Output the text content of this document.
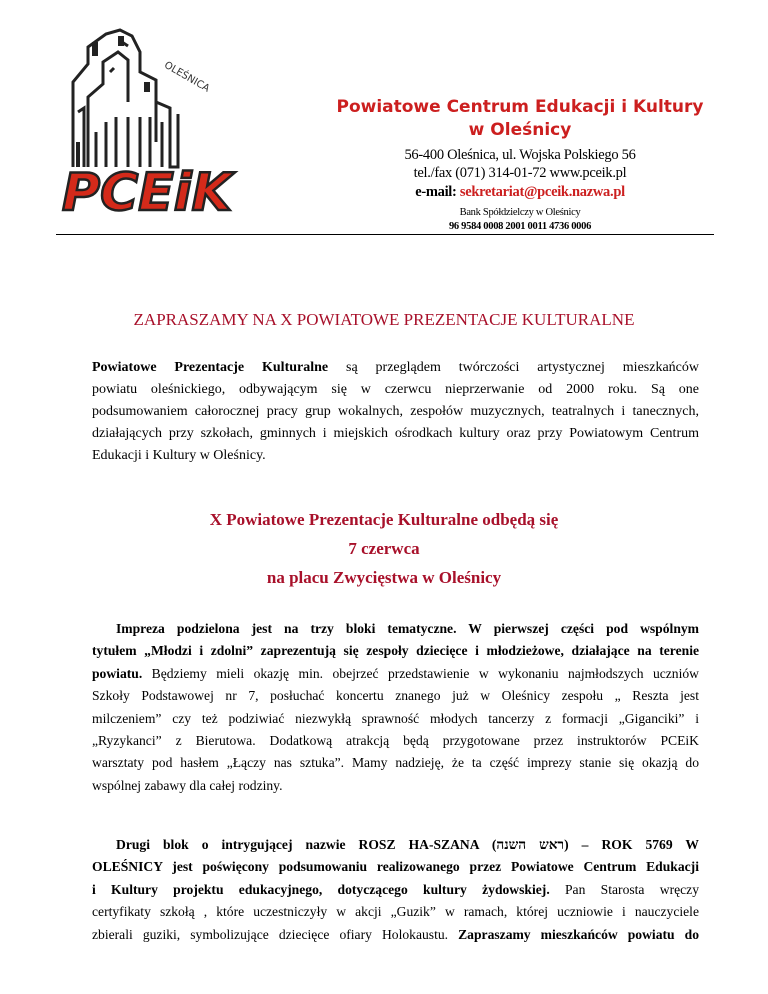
OLEŚNICA
PCEiK
Powiatowe Centrum Edukacji i Kultury
w Oleśnicy
56-400 Oleśnica, ul. Wojska Polskiego 56
tel./fax (071) 314-01-72 www.pceik.pl
e-mail: sekretariat@pceik.nazwa.pl
Bank Spółdzielczy w Oleśnicy
96 9584 0008 2001 0011 4736 0006
ZAPRASZAMY NA X POWIATOWE PREZENTACJE KULTURALNE
Powiatowe Prezentacje Kulturalne są przeglądem twórczości artystycznej mieszkańców
powiatu oleśnickiego, odbywającym się w czerwcu nieprzerwanie od 2000 roku. Są one
podsumowaniem całorocznej pracy grup wokalnych, zespołów muzycznych, teatralnych i tanecznych,
działających przy szkołach, gminnych i miejskich ośrodkach kultury oraz przy Powiatowym Centrum
Edukacji i Kultury w Oleśnicy.
X Powiatowe Prezentacje Kulturalne odbędą się
7 czerwca
na placu Zwycięstwa w Oleśnicy
Impreza podzielona jest na trzy bloki tematyczne. W pierwszej części pod wspólnym
tytułem „Młodzi i zdolni” zaprezentują się zespoły dziecięce i młodzieżowe, działające na terenie
powiatu. Będziemy mieli okazję min. obejrzeć przedstawienie w wykonaniu najmłodszych uczniów
Szkoły Podstawowej nr 7, posłuchać koncertu znanego już w Oleśnicy zespołu „ Reszta jest
milczeniem” czy też podziwiać niezwykłą sprawność młodych tancerzy z formacji „Giganciki” i
„Ryzykanci” z Bierutowa. Dodatkową atrakcją będą przygotowane przez instruktorów PCEiK
warsztaty pod hasłem „Łączy nas sztuka”. Mamy nadzieję, że ta część imprezy stanie się okazją do
wspólnej zabawy dla całej rodziny.
Drugi blok o intrygującej nazwie ROSZ HA-SZANA (ראש השנה) – ROK 5769 W
OLEŚNICY jest poświęcony podsumowaniu realizowanego przez Powiatowe Centrum Edukacji
i Kultury projektu edukacyjnego, dotyczącego kultury żydowskiej. Pan Starosta wręczy
certyfikaty szkołą , które uczestniczyły w akcji „Guzik” w ramach, której uczniowie i nauczyciele
zbierali guziki, symbolizujące dziecięce ofiary Holokaustu. Zapraszamy mieszkańców powiatu do
